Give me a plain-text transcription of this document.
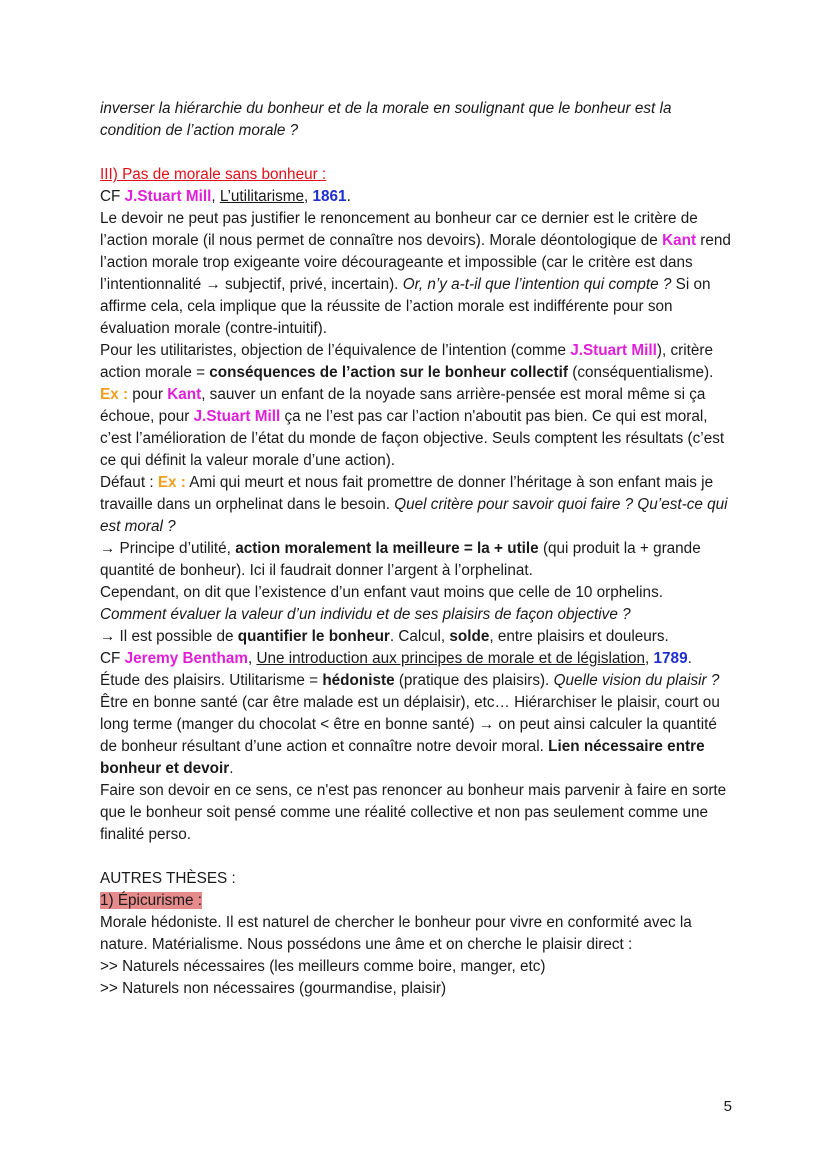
inverser la hiérarchie du bonheur et de la morale en soulignant que le bonheur est la condition de l’action morale ?

III) Pas de morale sans bonheur :

CF J.Stuart Mill, L’utilitarisme, 1861.

Le devoir ne peut pas justifier le renoncement au bonheur car ce dernier est le critère de l’action morale (il nous permet de connaître nos devoirs). Morale déontologique de Kant rend l’action morale trop exigeante voire décourageante et impossible (car le critère est dans l’intentionnalité → subjectif, privé, incertain). Or, n’y a-t-il que l’intention qui compte ? Si on affirme cela, cela implique que la réussite de l’action morale est indifférente pour son évaluation morale (contre-intuitif).

Pour les utilitaristes, objection de l’équivalence de l’intention (comme J.Stuart Mill), critère action morale = conséquences de l’action sur le bonheur collectif (conséquentialisme). Ex : pour Kant, sauver un enfant de la noyade sans arrière-pensée est moral même si ça échoue, pour J.Stuart Mill ça ne l’est pas car l’action n'aboutit pas bien. Ce qui est moral, c’est l’amélioration de l’état du monde de façon objective. Seuls comptent les résultats (c’est ce qui définit la valeur morale d’une action).

Défaut : Ex : Ami qui meurt et nous fait promettre de donner l’héritage à son enfant mais je travaille dans un orphelinat dans le besoin. Quel critère pour savoir quoi faire ? Qu’est-ce qui est moral ?

→ Principe d’utilité, action moralement la meilleure = la + utile (qui produit la + grande quantité de bonheur). Ici il faudrait donner l’argent à l’orphelinat.

Cependant, on dit que l’existence d’un enfant vaut moins que celle de 10 orphelins.

Comment évaluer la valeur d’un individu et de ses plaisirs de façon objective ?

→ Il est possible de quantifier le bonheur. Calcul, solde, entre plaisirs et douleurs.

CF Jeremy Bentham, Une introduction aux principes de morale et de législation, 1789.

Étude des plaisirs. Utilitarisme = hédoniste (pratique des plaisirs). Quelle vision du plaisir ? Être en bonne santé (car être malade est un déplaisir), etc… Hiérarchiser le plaisir, court ou long terme (manger du chocolat < être en bonne santé) → on peut ainsi calculer la quantité de bonheur résultant d’une action et connaître notre devoir moral. Lien nécessaire entre bonheur et devoir.

Faire son devoir en ce sens, ce n'est pas renoncer au bonheur mais parvenir à faire en sorte que le bonheur soit pensé comme une réalité collective et non pas seulement comme une finalité perso.

AUTRES THÈSES :

1) Épicurisme :

Morale hédoniste. Il est naturel de chercher le bonheur pour vivre en conformité avec la nature. Matérialisme. Nous possédons une âme et on cherche le plaisir direct :

>> Naturels nécessaires (les meilleurs comme boire, manger, etc)

>> Naturels non nécessaires (gourmandise, plaisir)

5
